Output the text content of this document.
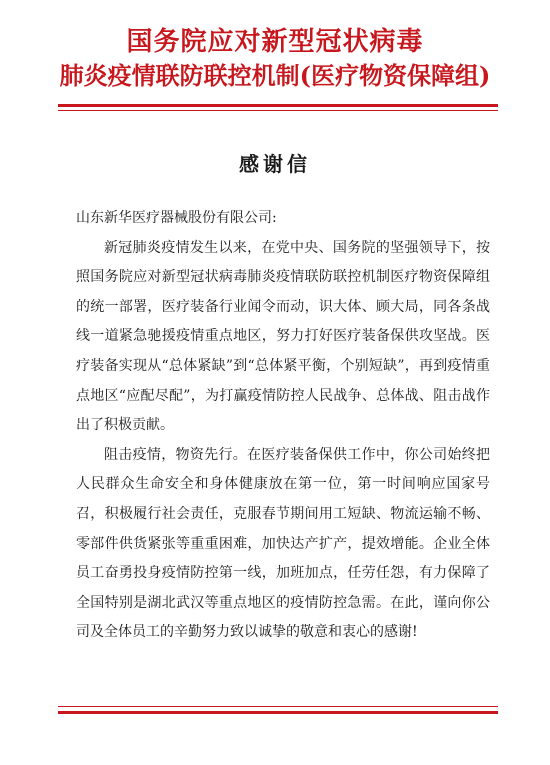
国务院应对新型冠状病毒
肺炎疫情联防联控机制(医疗物资保障组)
感谢信

山东新华医疗器械股份有限公司:

新冠肺炎疫情发生以来，在党中央、国务院的坚强领导下，按照国务院应对新型冠状病毒肺炎疫情联防联控机制医疗物资保障组的统一部署，医疗装备行业闻令而动，识大体、顾大局，同各条战线一道紧急驰援疫情重点地区，努力打好医疗装备保供攻坚战。医疗装备实现从“总体紧缺”到“总体紧平衡，个别短缺”，再到疫情重点地区“应配尽配”，为打赢疫情防控人民战争、总体战、阻击战作出了积极贡献。

阻击疫情，物资先行。在医疗装备保供工作中，你公司始终把人民群众生命安全和身体健康放在第一位，第一时间响应国家号召，积极履行社会责任，克服春节期间用工短缺、物流运输不畅、零部件供货紧张等重重困难，加快达产扩产，提效增能。企业全体员工奋勇投身疫情防控第一线，加班加点，任劳任怨，有力保障了全国特别是湖北武汉等重点地区的疫情防控急需。在此，谨向你公司及全体员工的辛勤努力致以诚挚的敬意和衷心的感谢!
